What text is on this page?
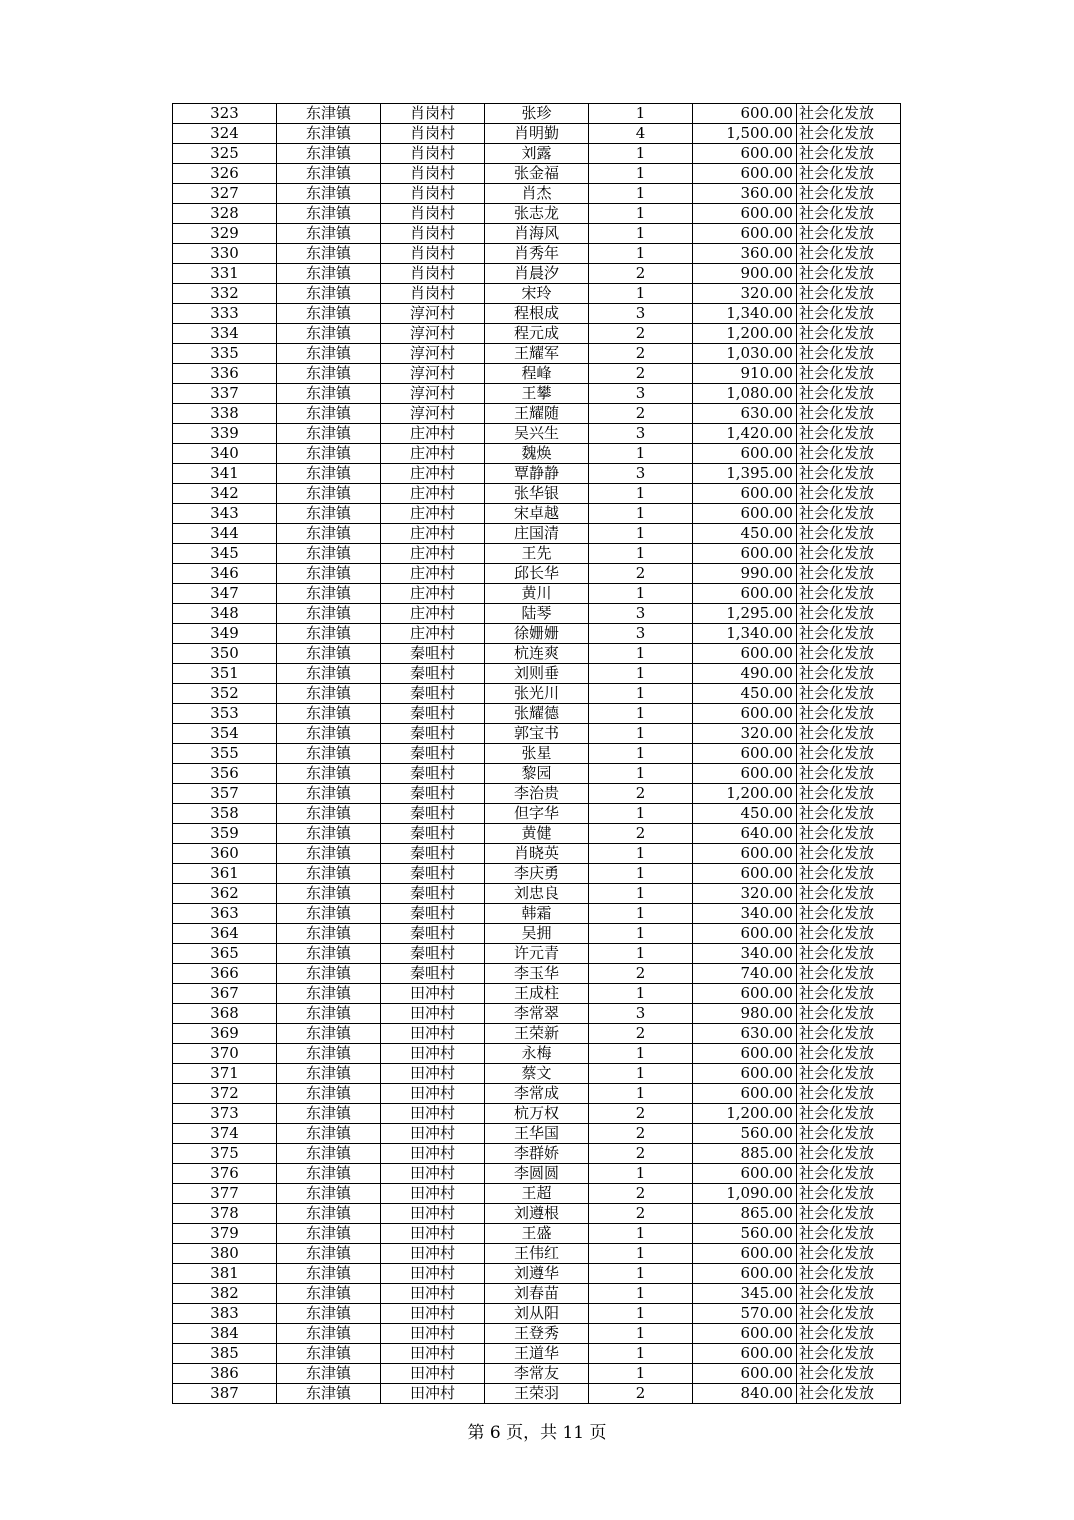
323	东津镇	肖岗村	张珍	1	600.00	社会化发放
324	东津镇	肖岗村	肖明勤	4	1,500.00	社会化发放
325	东津镇	肖岗村	刘露	1	600.00	社会化发放
326	东津镇	肖岗村	张金福	1	600.00	社会化发放
327	东津镇	肖岗村	肖杰	1	360.00	社会化发放
328	东津镇	肖岗村	张志龙	1	600.00	社会化发放
329	东津镇	肖岗村	肖海风	1	600.00	社会化发放
330	东津镇	肖岗村	肖秀年	1	360.00	社会化发放
331	东津镇	肖岗村	肖晨汐	2	900.00	社会化发放
332	东津镇	肖岗村	宋玲	1	320.00	社会化发放
333	东津镇	淳河村	程根成	3	1,340.00	社会化发放
334	东津镇	淳河村	程元成	2	1,200.00	社会化发放
335	东津镇	淳河村	王耀军	2	1,030.00	社会化发放
336	东津镇	淳河村	程峰	2	910.00	社会化发放
337	东津镇	淳河村	王攀	3	1,080.00	社会化发放
338	东津镇	淳河村	王耀随	2	630.00	社会化发放
339	东津镇	庄冲村	吴兴生	3	1,420.00	社会化发放
340	东津镇	庄冲村	魏焕	1	600.00	社会化发放
341	东津镇	庄冲村	覃静静	3	1,395.00	社会化发放
342	东津镇	庄冲村	张华银	1	600.00	社会化发放
343	东津镇	庄冲村	宋卓越	1	600.00	社会化发放
344	东津镇	庄冲村	庄国清	1	450.00	社会化发放
345	东津镇	庄冲村	王先	1	600.00	社会化发放
346	东津镇	庄冲村	邱长华	2	990.00	社会化发放
347	东津镇	庄冲村	黄川	1	600.00	社会化发放
348	东津镇	庄冲村	陆琴	3	1,295.00	社会化发放
349	东津镇	庄冲村	徐姗姗	3	1,340.00	社会化发放
350	东津镇	秦咀村	杭连爽	1	600.00	社会化发放
351	东津镇	秦咀村	刘则垂	1	490.00	社会化发放
352	东津镇	秦咀村	张光川	1	450.00	社会化发放
353	东津镇	秦咀村	张耀德	1	600.00	社会化发放
354	东津镇	秦咀村	郭宝书	1	320.00	社会化发放
355	东津镇	秦咀村	张星	1	600.00	社会化发放
356	东津镇	秦咀村	黎园	1	600.00	社会化发放
357	东津镇	秦咀村	李治贵	2	1,200.00	社会化发放
358	东津镇	秦咀村	但字华	1	450.00	社会化发放
359	东津镇	秦咀村	黄健	2	640.00	社会化发放
360	东津镇	秦咀村	肖晓英	1	600.00	社会化发放
361	东津镇	秦咀村	李庆勇	1	600.00	社会化发放
362	东津镇	秦咀村	刘忠良	1	320.00	社会化发放
363	东津镇	秦咀村	韩霜	1	340.00	社会化发放
364	东津镇	秦咀村	吴拥	1	600.00	社会化发放
365	东津镇	秦咀村	许元青	1	340.00	社会化发放
366	东津镇	秦咀村	李玉华	2	740.00	社会化发放
367	东津镇	田冲村	王成柱	1	600.00	社会化发放
368	东津镇	田冲村	李常翠	3	980.00	社会化发放
369	东津镇	田冲村	王荣新	2	630.00	社会化发放
370	东津镇	田冲村	永梅	1	600.00	社会化发放
371	东津镇	田冲村	蔡文	1	600.00	社会化发放
372	东津镇	田冲村	李常成	1	600.00	社会化发放
373	东津镇	田冲村	杭万权	2	1,200.00	社会化发放
374	东津镇	田冲村	王华国	2	560.00	社会化发放
375	东津镇	田冲村	李群娇	2	885.00	社会化发放
376	东津镇	田冲村	李圆圆	1	600.00	社会化发放
377	东津镇	田冲村	王超	2	1,090.00	社会化发放
378	东津镇	田冲村	刘遵根	2	865.00	社会化发放
379	东津镇	田冲村	王盛	1	560.00	社会化发放
380	东津镇	田冲村	王伟红	1	600.00	社会化发放
381	东津镇	田冲村	刘遵华	1	600.00	社会化发放
382	东津镇	田冲村	刘春苗	1	345.00	社会化发放
383	东津镇	田冲村	刘从阳	1	570.00	社会化发放
384	东津镇	田冲村	王登秀	1	600.00	社会化发放
385	东津镇	田冲村	王道华	1	600.00	社会化发放
386	东津镇	田冲村	李常友	1	600.00	社会化发放
387	东津镇	田冲村	王荣羽	2	840.00	社会化发放
第 6 页，共 11 页
